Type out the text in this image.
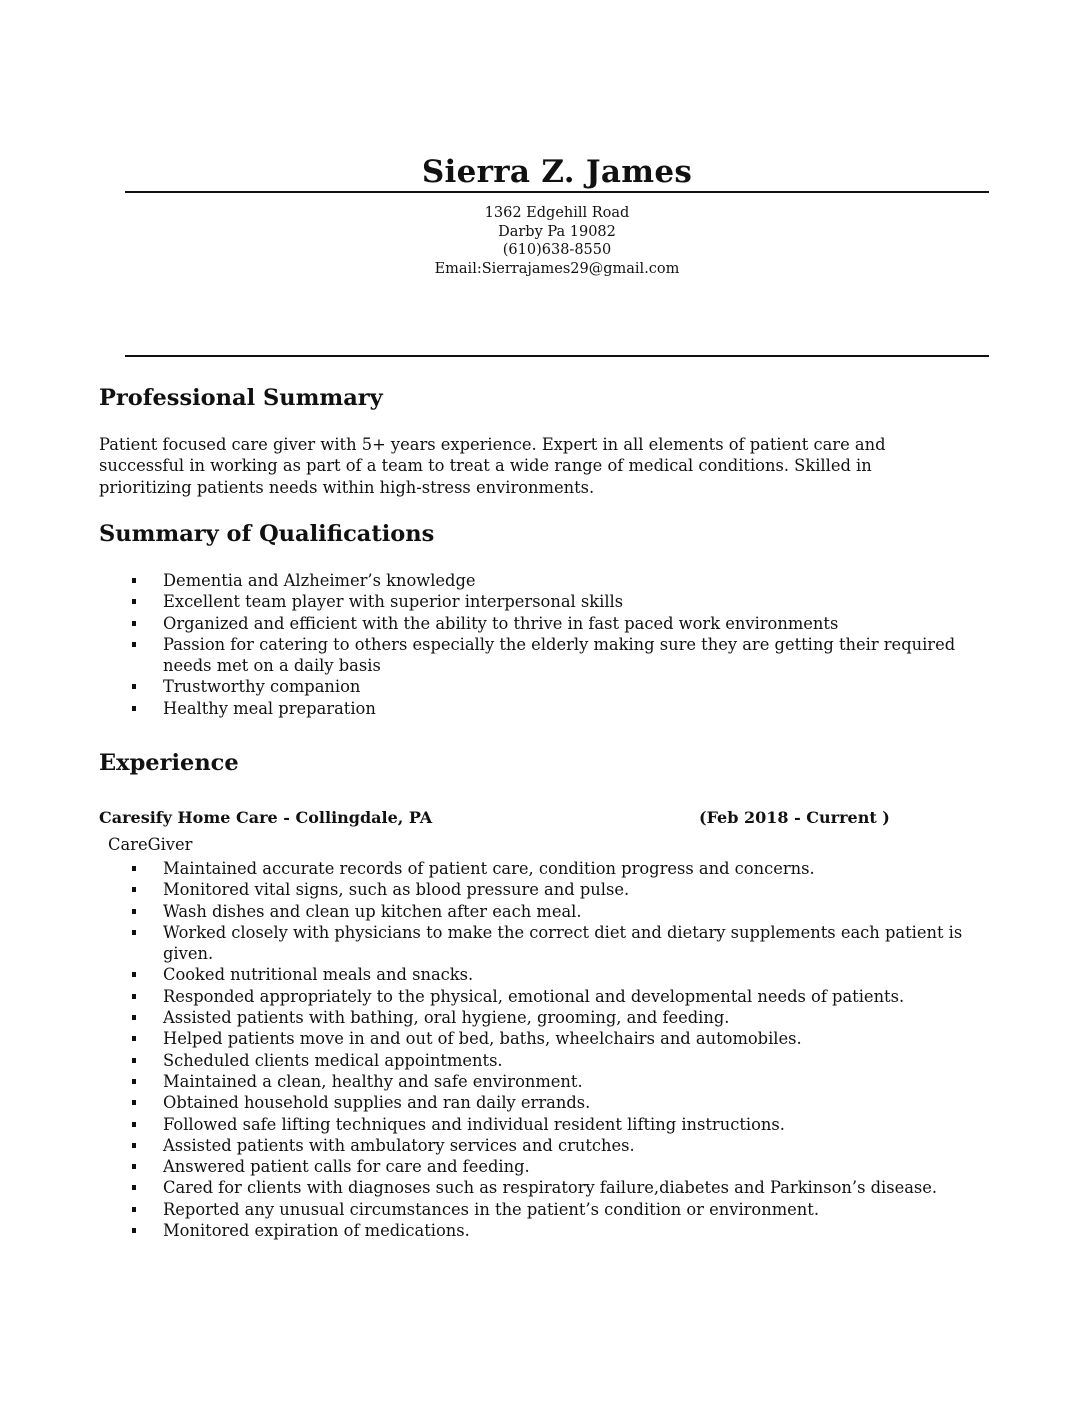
Sierra Z. James
1362 Edgehill Road
Darby Pa 19082
(610)638-8550
Email:Sierrajames29@gmail.com
Professional Summary
Patient focused care giver with 5+ years experience. Expert in all elements of patient care and
successful in working as part of a team to treat a wide range of medical conditions. Skilled in
prioritizing patients needs within high-stress environments.
Summary of Qualifications
Dementia and Alzheimer’s knowledge
Excellent team player with superior interpersonal skills
Organized and efficient with the ability to thrive in fast paced work environments
Passion for catering to others especially the elderly making sure they are getting their required needs met on a daily basis
Trustworthy companion
Healthy meal preparation
Experience
Caresify Home Care - Collingdale, PA	(Feb 2018 - Current )
CareGiver
Maintained accurate records of patient care, condition progress and concerns.
Monitored vital signs, such as blood pressure and pulse.
Wash dishes and clean up kitchen after each meal.
Worked closely with physicians to make the correct diet and dietary supplements each patient is given.
Cooked nutritional meals and snacks.
Responded appropriately to the physical, emotional and developmental needs of patients.
Assisted patients with bathing, oral hygiene, grooming, and feeding.
Helped patients move in and out of bed, baths, wheelchairs and automobiles.
Scheduled clients medical appointments.
Maintained a clean, healthy and safe environment.
Obtained household supplies and ran daily errands.
Followed safe lifting techniques and individual resident lifting instructions.
Assisted patients with ambulatory services and crutches.
Answered patient calls for care and feeding.
Cared for clients with diagnoses such as respiratory failure,diabetes and Parkinson’s disease.
Reported any unusual circumstances in the patient’s condition or environment.
Monitored expiration of medications.
